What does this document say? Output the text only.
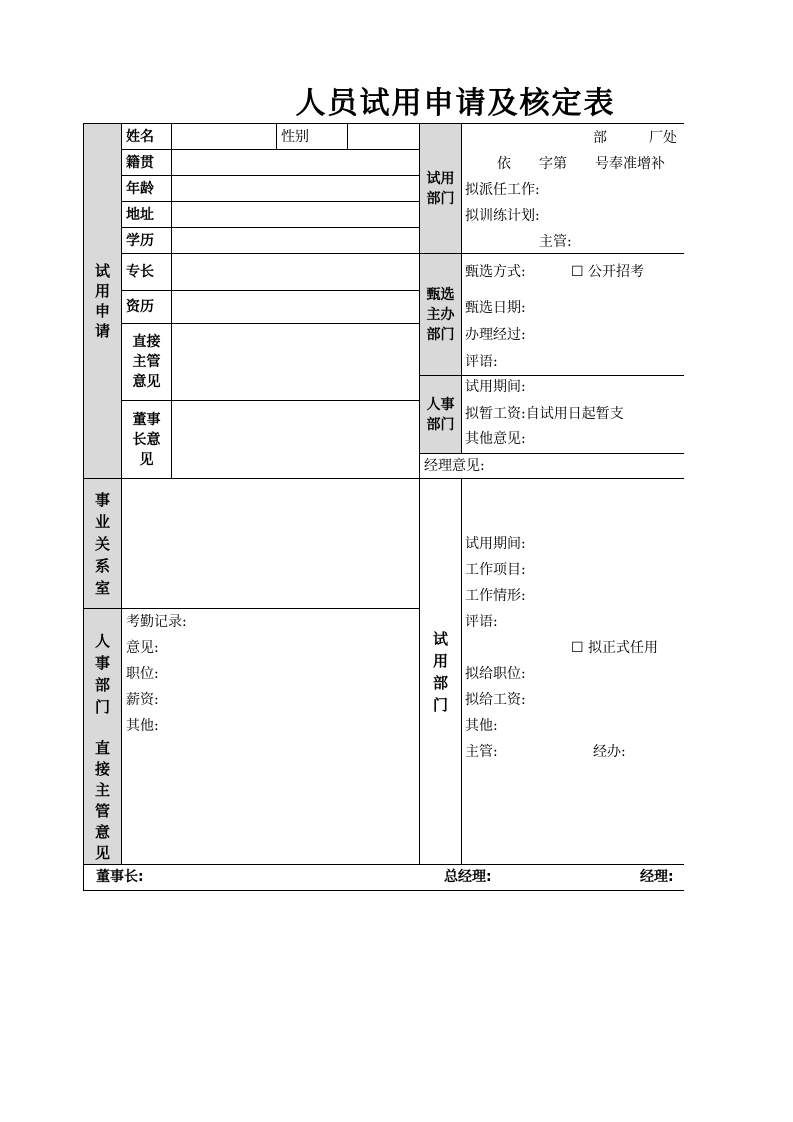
人员试用申请及核定表
试用申请
姓名	性别
籍贯
年龄
地址
学历
专长
资历
直接主管意见
董事长意见
试用部门
部　　　厂处
依　　字第　　号奉准增补
拟派任工作:
拟训练计划:
主管:
甄选主办部门
甄选方式:	☐ 公开招考
甄选日期:
办理经过:
评语:
人事部门
试用期间:
拟暂工资:自试用日起暂支
其他意见:
经理意见:
事业关系室
人事部门
直接主管意见
考勤记录:
意见:
职位:
薪资:
其他:
试用部门
试用期间:
工作项目:
工作情形:
评语:
☐ 拟正式任用
拟给职位:
拟给工资:
其他:
主管:	经办:
董事长:	总经理:	经理:
